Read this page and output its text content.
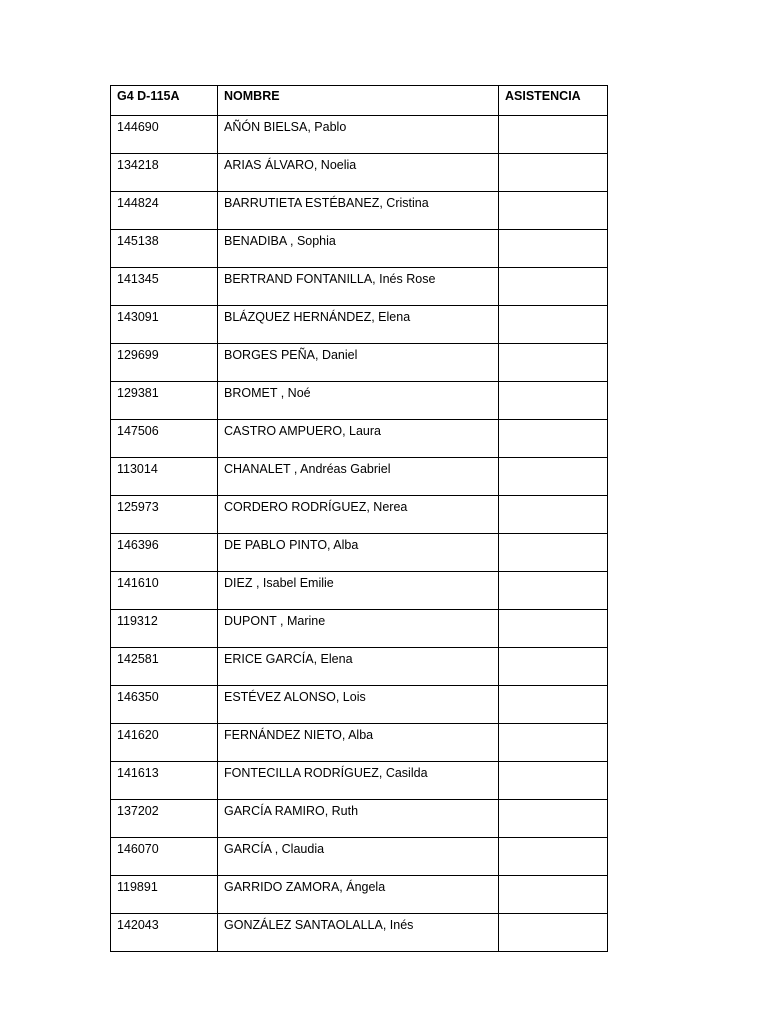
G4 D-115A	NOMBRE	ASISTENCIA
144690	AÑÓN BIELSA, Pablo	
134218	ARIAS ÁLVARO, Noelia	
144824	BARRUTIETA ESTÉBANEZ, Cristina	
145138	BENADIBA , Sophia	
141345	BERTRAND FONTANILLA, Inés Rose	
143091	BLÁZQUEZ HERNÁNDEZ, Elena	
129699	BORGES PEÑA, Daniel	
129381	BROMET , Noé	
147506	CASTRO AMPUERO, Laura	
113014	CHANALET , Andréas Gabriel	
125973	CORDERO RODRÍGUEZ, Nerea	
146396	DE PABLO PINTO, Alba	
141610	DIEZ , Isabel Emilie	
119312	DUPONT , Marine	
142581	ERICE GARCÍA, Elena	
146350	ESTÉVEZ ALONSO, Lois	
141620	FERNÁNDEZ NIETO, Alba	
141613	FONTECILLA RODRÍGUEZ, Casilda	
137202	GARCÍA RAMIRO, Ruth	
146070	GARCÍA , Claudia	
119891	GARRIDO ZAMORA, Ángela	
142043	GONZÁLEZ SANTAOLALLA, Inés	
